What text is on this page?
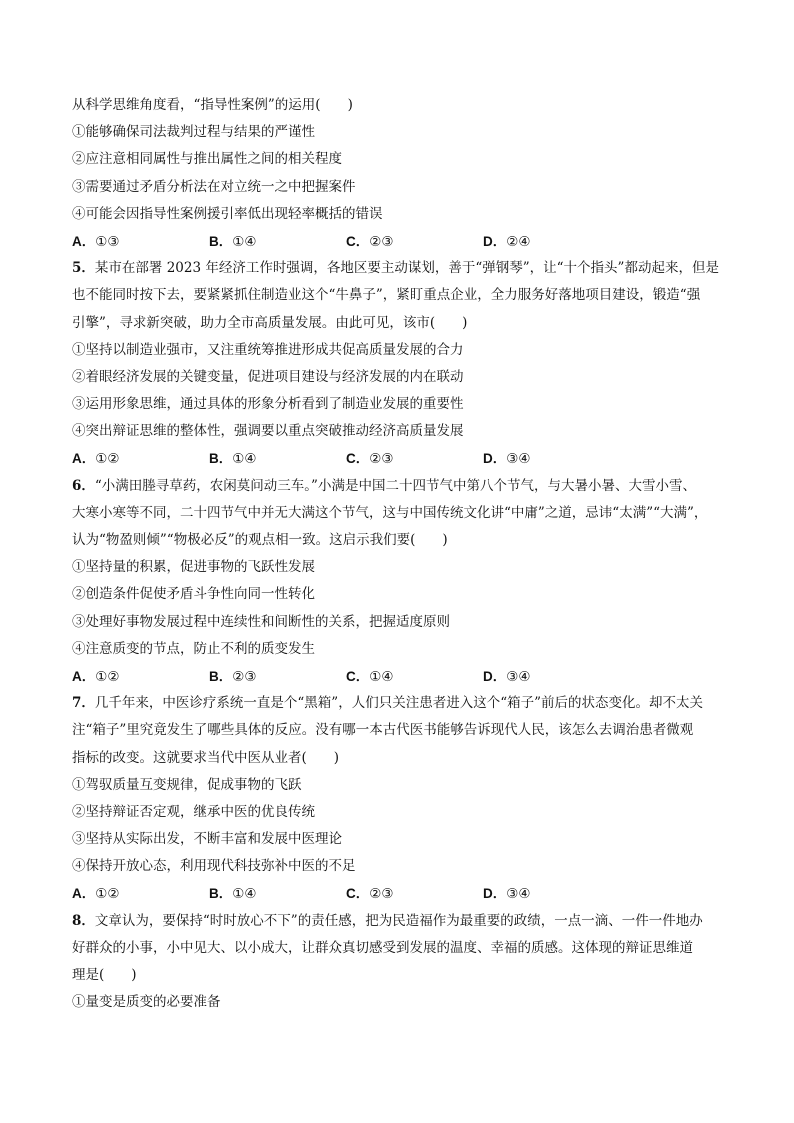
从科学思维角度看，“指导性案例”的运用(　　)
①能够确保司法裁判过程与结果的严谨性
②应注意相同属性与推出属性之间的相关程度
③需要通过矛盾分析法在对立统一之中把握案件
④可能会因指导性案例援引率低出现轻率概括的错误
A．①③	B．①④	C．②③	D．②④
5．某市在部署 2023 年经济工作时强调，各地区要主动谋划，善于“弹钢琴”，让“十个指头”都动起来，但是
也不能同时按下去，要紧紧抓住制造业这个“牛鼻子”，紧盯重点企业，全力服务好落地项目建设，锻造“强
引擎”，寻求新突破，助力全市高质量发展。由此可见，该市(　　)
①坚持以制造业强市，又注重统筹推进形成共促高质量发展的合力
②着眼经济发展的关键变量，促进项目建设与经济发展的内在联动
③运用形象思维，通过具体的形象分析看到了制造业发展的重要性
④突出辩证思维的整体性，强调要以重点突破推动经济高质量发展
A．①②	B．①④	C．②③	D．③④
6．“小满田塍寻草药，农闲莫问动三车。”小满是中国二十四节气中第八个节气，与大暑小暑、大雪小雪、
大寒小寒等不同，二十四节气中并无大满这个节气，这与中国传统文化讲“中庸”之道，忌讳“太满”“大满”，
认为“物盈则倾”“物极必反”的观点相一致。这启示我们要(　　)
①坚持量的积累，促进事物的飞跃性发展
②创造条件促使矛盾斗争性向同一性转化
③处理好事物发展过程中连续性和间断性的关系，把握适度原则
④注意质变的节点，防止不利的质变发生
A．①②	B．②③	C．①④	D．③④
7．几千年来，中医诊疗系统一直是个“黑箱”，人们只关注患者进入这个“箱子”前后的状态变化。却不太关
注“箱子”里究竟发生了哪些具体的反应。没有哪一本古代医书能够告诉现代人民，该怎么去调治患者微观
指标的改变。这就要求当代中医从业者(　　)
①驾驭质量互变规律，促成事物的飞跃
②坚持辩证否定观，继承中医的优良传统
③坚持从实际出发，不断丰富和发展中医理论
④保持开放心态，利用现代科技弥补中医的不足
A．①②	B．①④	C．②③	D．③④
8．文章认为，要保持“时时放心不下”的责任感，把为民造福作为最重要的政绩，一点一滴、一件一件地办
好群众的小事，小中见大、以小成大，让群众真切感受到发展的温度、幸福的质感。这体现的辩证思维道
理是(　　)
①量变是质变的必要准备
